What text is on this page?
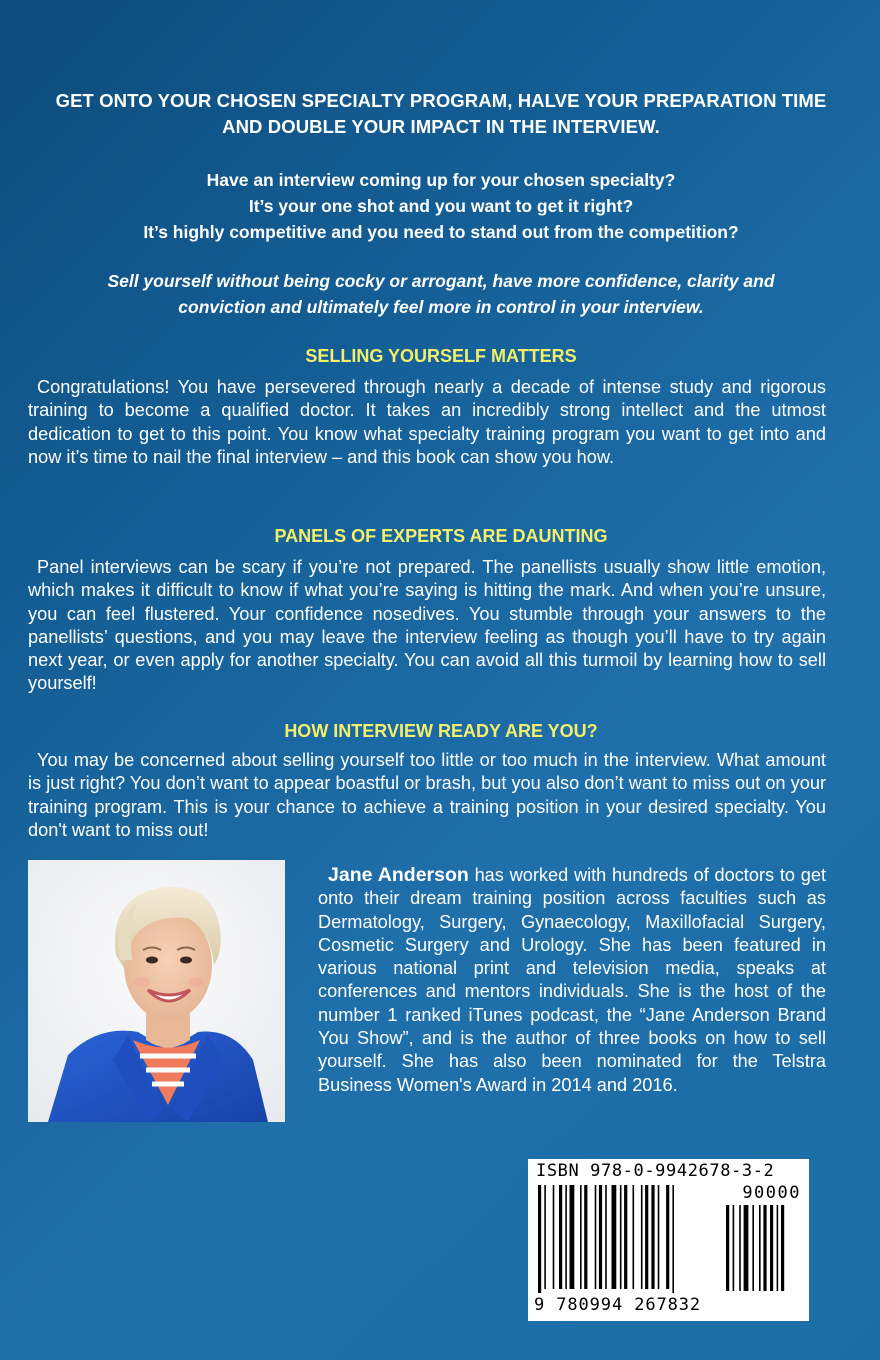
GET ONTO YOUR CHOSEN SPECIALTY PROGRAM, HALVE YOUR PREPARATION TIME
AND DOUBLE YOUR IMPACT IN THE INTERVIEW.
Have an interview coming up for your chosen specialty?
It’s your one shot and you want to get it right?
It’s highly competitive and you need to stand out from the competition?
Sell yourself without being cocky or arrogant, have more confidence, clarity and
conviction and ultimately feel more in control in your interview.
SELLING YOURSELF MATTERS
Congratulations! You have persevered through nearly a decade of intense study and rigorous training to become a qualified doctor. It takes an incredibly strong intellect and the utmost dedication to get to this point. You know what specialty training program you want to get into and now it’s time to nail the final interview – and this book can show you how.
PANELS OF EXPERTS ARE DAUNTING
Panel interviews can be scary if you’re not prepared. The panellists usually show little emotion, which makes it difficult to know if what you’re saying is hitting the mark. And when you’re unsure, you can feel flustered. Your confidence nosedives. You stumble through your answers to the panellists’ questions, and you may leave the interview feeling as though you’ll have to try again next year, or even apply for another specialty. You can avoid all this turmoil by learning how to sell yourself!
HOW INTERVIEW READY ARE YOU?
You may be concerned about selling yourself too little or too much in the interview. What amount is just right? You don’t want to appear boastful or brash, but you also don’t want to miss out on your training program. This is your chance to achieve a training position in your desired specialty. You don't want to miss out!
Jane Anderson has worked with hundreds of doctors to get onto their dream training position across faculties such as Dermatology, Surgery, Gynaecology, Maxillofacial Surgery, Cosmetic Surgery and Urology. She has been featured in various national print and television media, speaks at conferences and mentors individuals. She is the host of the number 1 ranked iTunes podcast, the “Jane Anderson Brand You Show”, and is the author of three books on how to sell yourself. She has also been nominated for the Telstra Business Women's Award in 2014 and 2016.
ISBN 978-0-9942678-3-2
90000
9 780994 267832
